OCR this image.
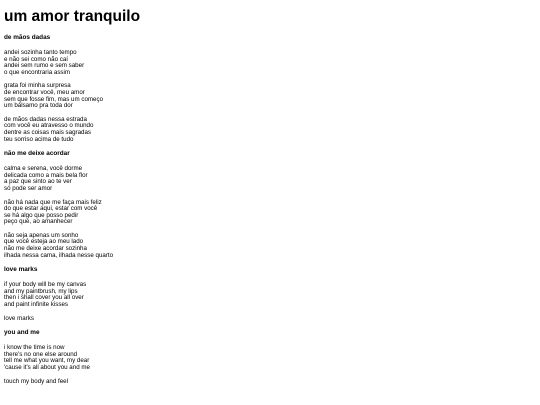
um amor tranquilo
de mãos dadas
andei sozinha tanto tempo
e não sei como não caí
andei sem rumo e sem saber
o que encontraria assim
grata foi minha surpresa
de encontrar você, meu amor
sem que fosse fim, mas um começo
um bálsamo pra toda dor
de mãos dadas nessa estrada
com você eu atravesso o mundo
dentre as coisas mais sagradas
teu sorriso acima de tudo
não me deixe acordar
calma e serena, você dorme
delicada como a mais bela flor
a paz que sinto ao te ver
só pode ser amor
não há nada que me faça mais feliz
do que estar aqui, estar com você
se há algo que posso pedir
peço que, ao amanhecer
não seja apenas um sonho
que você esteja ao meu lado
não me deixe acordar sozinha
ilhada nessa cama, ilhada nesse quarto
love marks
if your body will be my canvas
and my paintbrush, my lips
then i shall cover you all over
and paint infinite kisses
love marks
you and me
i know the time is now
there's no one else around
tell me what you want, my dear
'cause it's all about you and me
touch my body and feel
